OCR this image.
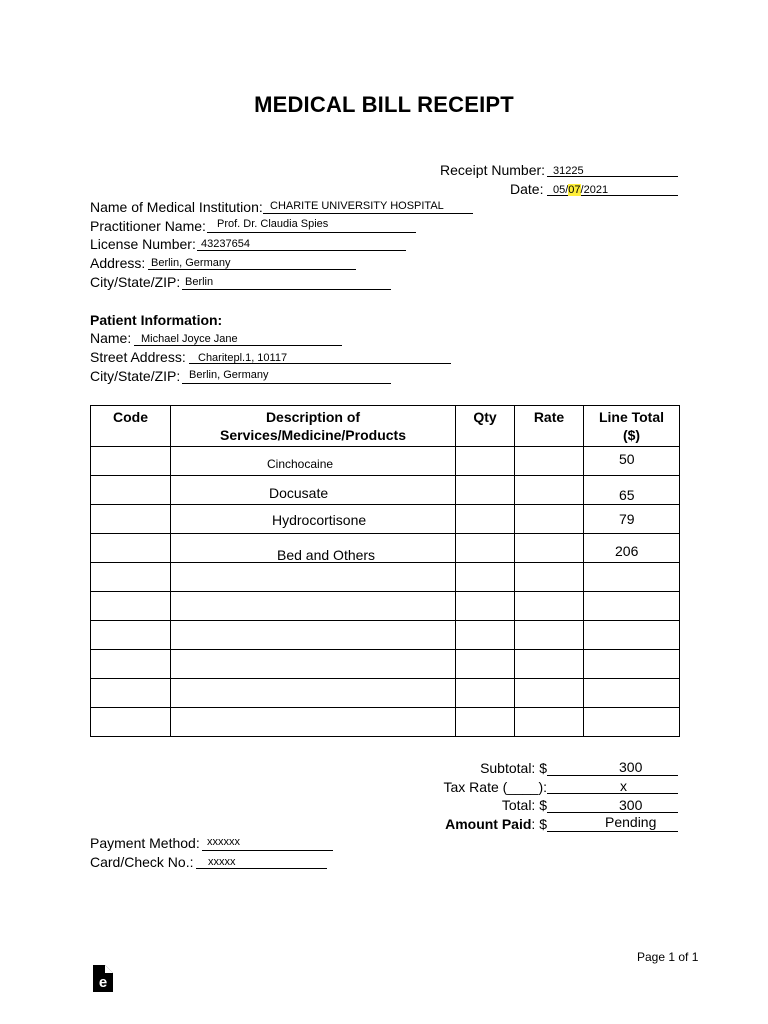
MEDICAL BILL RECEIPT
Receipt Number: 31225
Date: 05/07/2021
Name of Medical Institution: CHARITE UNIVERSITY HOSPITAL
Practitioner Name: Prof. Dr. Claudia Spies
License Number: 43237654
Address: Berlin, Germany
City/State/ZIP: Berlin
Patient Information:
Name: Michael Joyce Jane
Street Address: Charitepl.1, 10117
City/State/ZIP: Berlin, Germany
Code	Description of
Services/Medicine/Products	Qty	Rate	Line Total
($)

	Cinchocaine			50

	Docusate			65

	Hydrocortisone			79

	Bed and Others			206

Subtotal: $	300
Tax Rate (____):	x
Total: $	300
Amount Paid: $	Pending
Payment Method: xxxxxx
Card/Check No.: xxxxx
Page 1 of 1
e
